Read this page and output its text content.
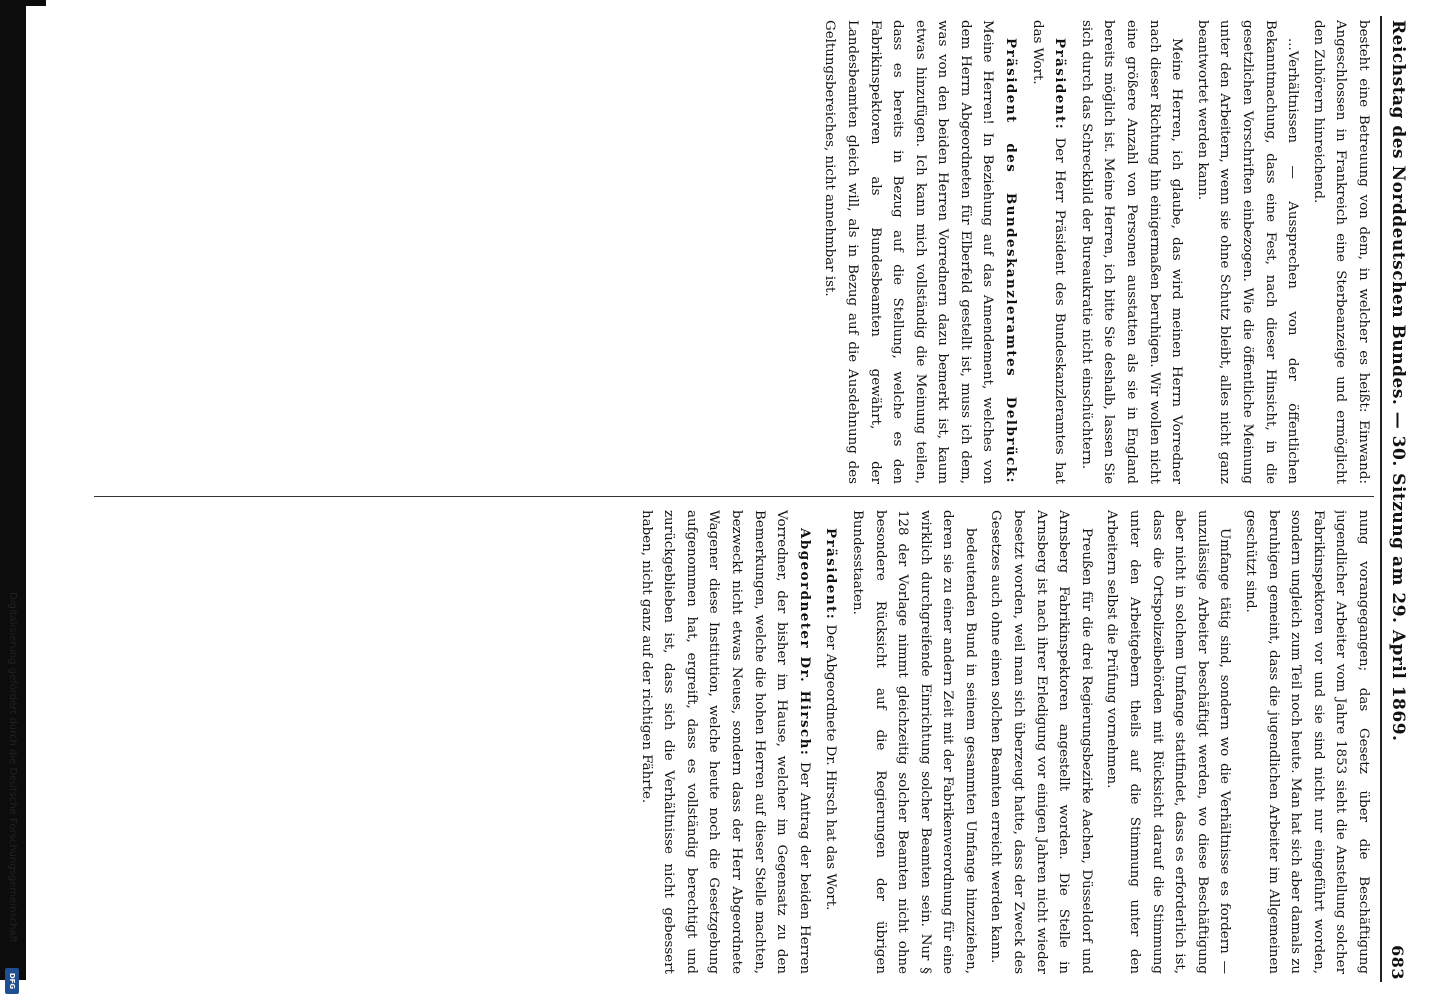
Digitalisierung gefördert durch die Deutsche Forschungsgemeinschaft
DFG
Reichstag des Norddeutschen Bundes. — 30. Sitzung am 29. April 1869.
683

besteht eine Betreuung von dem, in welcher es heißt: Einwand: Angeschlossen in Frankreich eine Sterbeanzeige und ermöglicht den Zuhörern hinreichend.

...Verhältnissen — Aussprechen von der öffentlichen Bekanntmachung, dass eine Fest, nach dieser Hinsicht, in die gesetzlichen Vorschriften einbezogen. Wie die öffentliche Meinung unter den Arbeitern, wenn sie ohne Schutz bleibt, alles nicht ganz beantwortet werden kann.

Meine Herren, ich glaube, das wird meinen Herrn Vorredner nach dieser Richtung hin einigermaßen beruhigen. Wir wollen nicht eine größere Anzahl von Personen ausstatten als sie in England bereits möglich ist. Meine Herren, ich bitte Sie deshalb, lassen Sie sich durch das Schreckbild der Bureaukratie nicht einschüchtern.

Präsident: Der Herr Präsident des Bundeskanzleramtes hat das Wort.

Präsident des Bundeskanzleramtes Delbrück: Meine Herren! In Beziehung auf das Amendement, welches von dem Herrn Abgeordneten für Elberfeld gestellt ist, muss ich dem, was von den beiden Herren Vorrednern dazu bemerkt ist, kaum etwas hinzufügen. Ich kann mich vollständig die Meinung teilen, dass es bereits in Bezug auf die Stellung, welche es den Fabrikinspektoren als Bundesbeamten gewährt, der Landesbeamten gleich will, als in Bezug auf die Ausdehnung des Geltungsbereiches, nicht annehmbar ist.

nung vorangegangen; das Gesetz über die Beschäftigung jugendlicher Arbeiter vom Jahre 1853 sieht die Anstellung solcher Fabrikinspektoren vor und sie sind nicht nur eingeführt worden, sondern ungleich zum Teil noch heute. Man hat sich aber damals zu beruhigen gemeint, dass die jugendlichen Arbeiter im Allgemeinen geschützt sind.

Umfange tätig sind, sondern wo die Verhältnisse es fordern — unzulässige Arbeiter beschäftigt werden, wo diese Beschäftigung aber nicht in solchem Umfange stattfindet, dass es erforderlich ist, dass die Ortspolizeibehörden mit Rücksicht darauf die Stimmung unter den Arbeitgebern theils auf die Stimmung unter den Arbeitern selbst die Prüfung vornehmen.

Preußen für die drei Regierungsbezirke Aachen, Düsseldorf und Arnsberg Fabrikinspektoren angestellt worden. Die Stelle in Arnsberg ist nach ihrer Erledigung vor einigen Jahren nicht wieder besetzt worden, weil man sich überzeugt hatte, dass der Zweck des Gesetzes auch ohne einen solchen Beamten erreicht werden kann.

bedeutenden Bund in seinem gesammten Umfange hinzuziehen, deren sie zu einer andern Zeit mit der Fabrikenverordnung für eine wirklich durchgreifende Einrichtung solcher Beamten sein. Nur § 128 der Vorlage nimmt gleichzeitig solcher Beamten nicht ohne besondere Rücksicht auf die Regierungen der übrigen Bundesstaaten.

Präsident: Der Abgeordnete Dr. Hirsch hat das Wort.

Abgeordneter Dr. Hirsch: Der Antrag der beiden Herren Vorredner, der bisher im Hause, welcher im Gegensatz zu den Bemerkungen, welche die hohen Herren auf dieser Stelle machten, bezweckt nicht etwas Neues, sondern dass der Herr Abgeordnete Wagener diese Institution, welche heute noch die Gesetzgebung aufgenommen hat, ergreift, dass es vollständig berechtigt und zurückgeblieben ist, dass sich die Verhältnisse nicht gebessert haben, nicht ganz auf der richtigen Fährte.
